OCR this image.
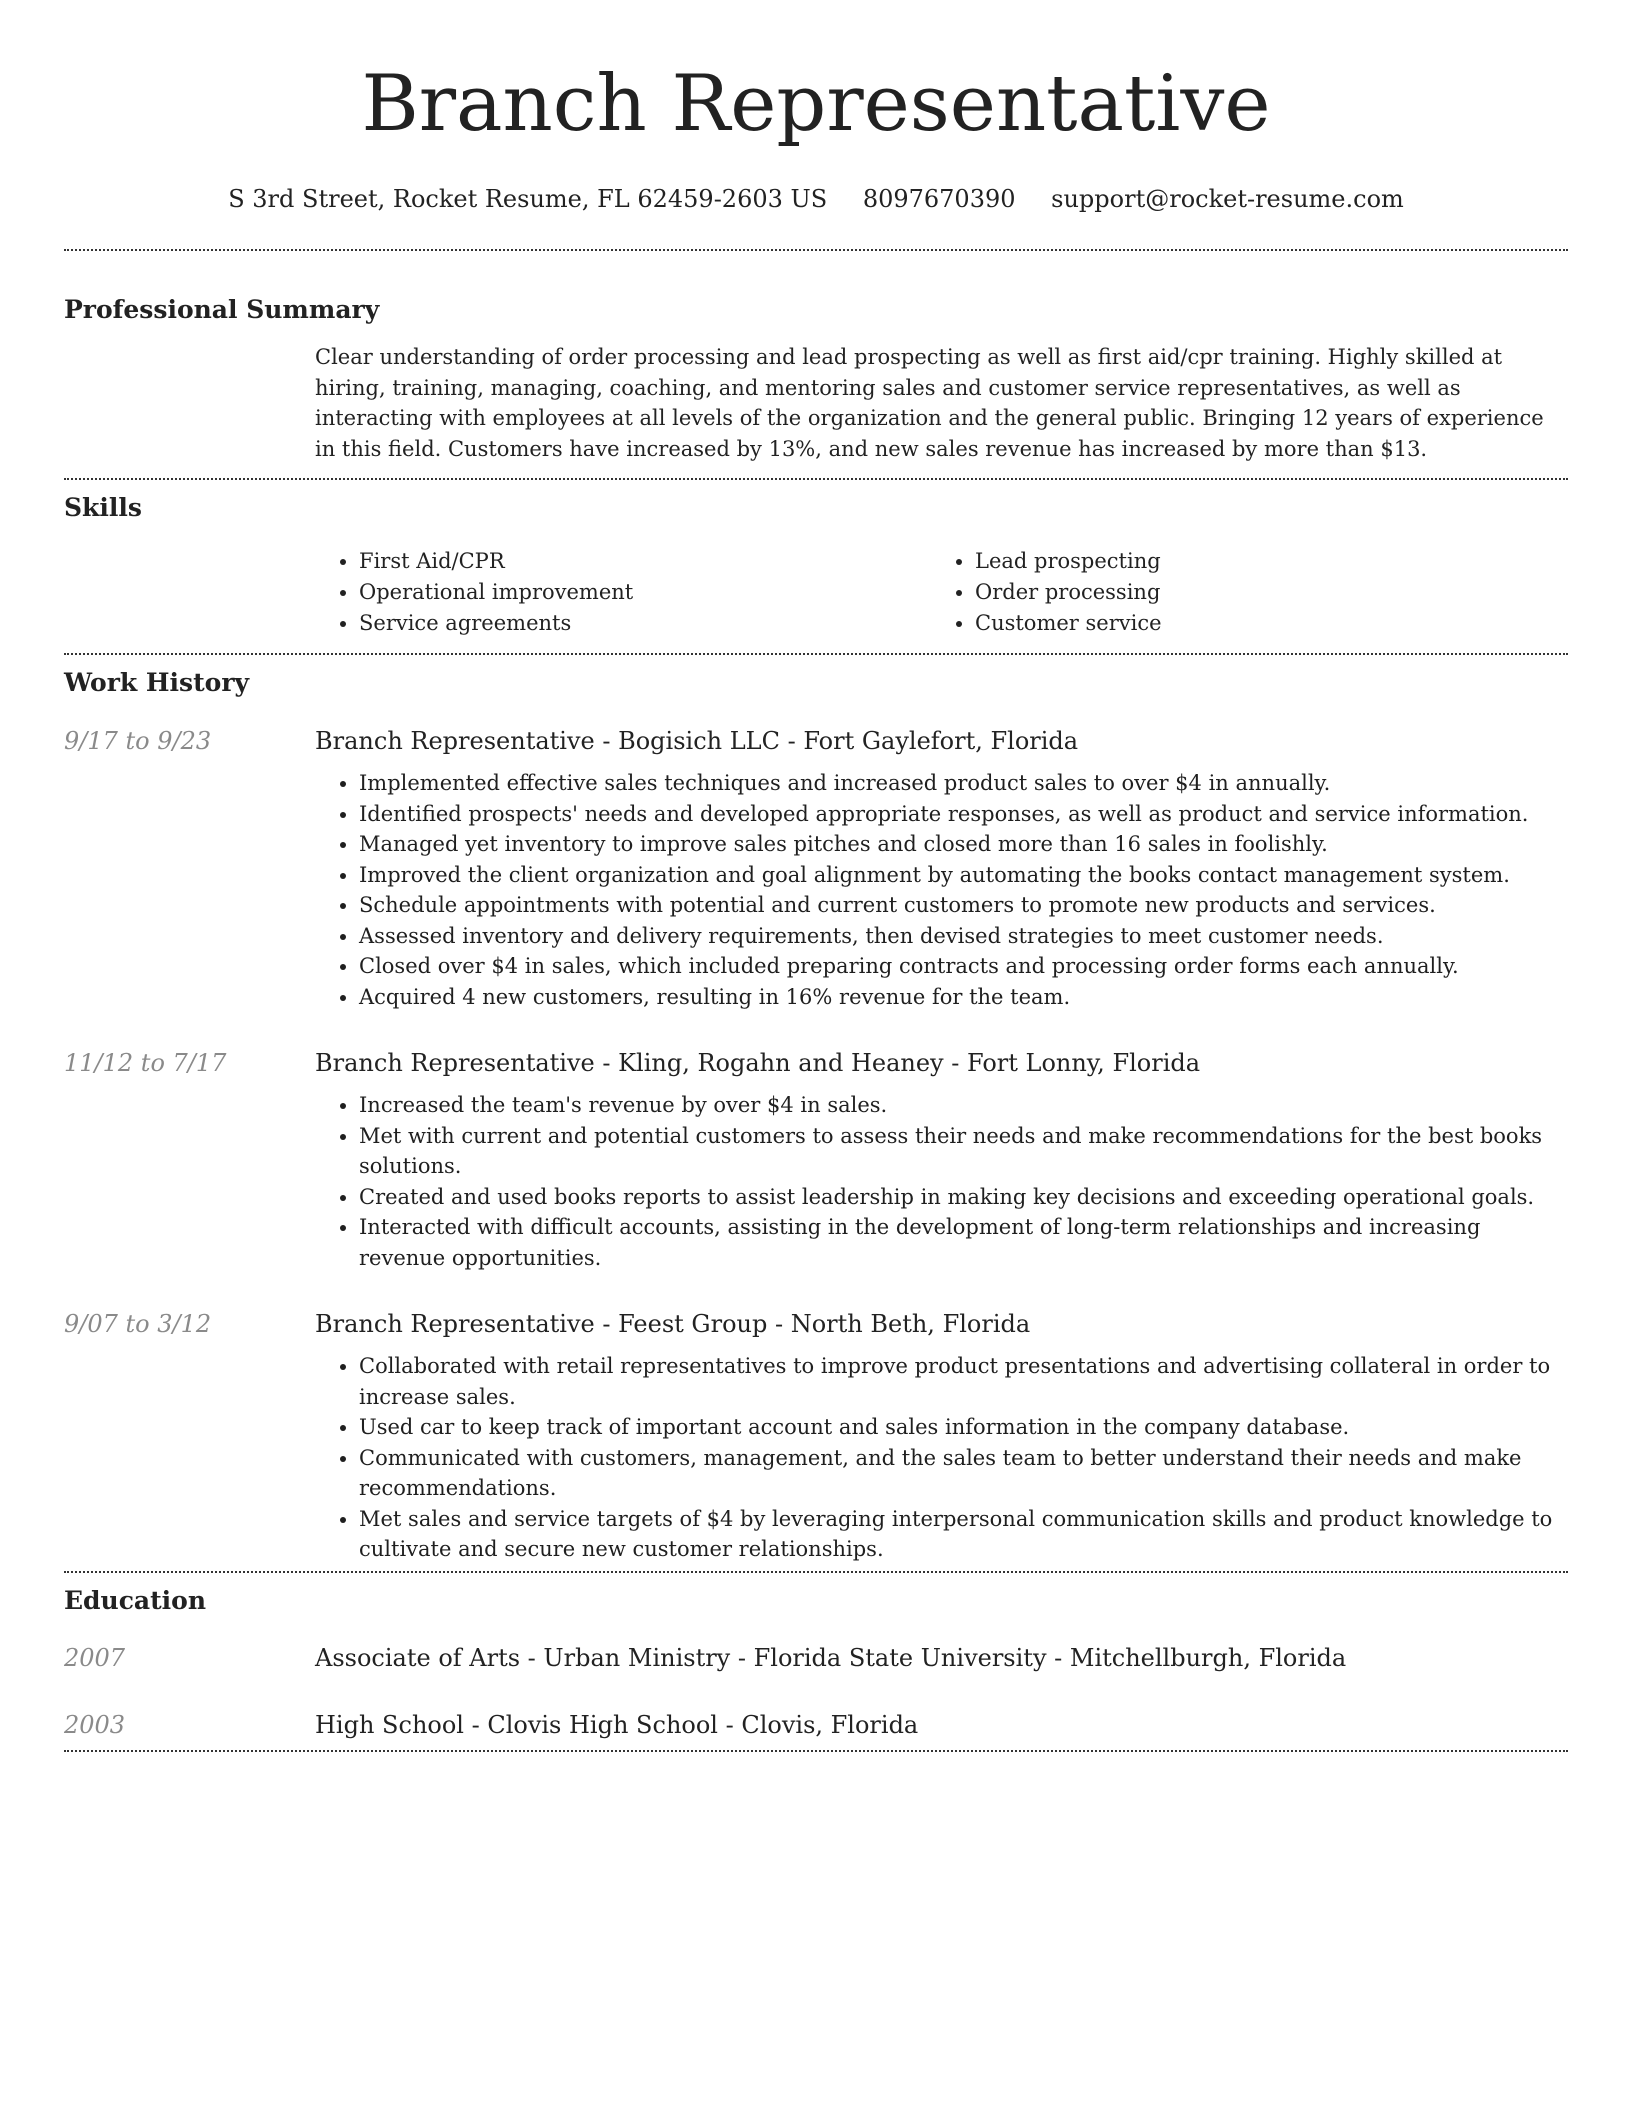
Branch Representative
S 3rd Street, Rocket Resume, FL 62459-2603 US 8097670390 support@rocket-resume.com
Professional Summary
Clear understanding of order processing and lead prospecting as well as first aid/cpr training. Highly skilled at hiring, training, managing, coaching, and mentoring sales and customer service representatives, as well as interacting with employees at all levels of the organization and the general public. Bringing 12 years of experience in this field. Customers have increased by 13%, and new sales revenue has increased by more than $13.
Skills
• First Aid/CPR
• Operational improvement
• Service agreements
• Lead prospecting
• Order processing
• Customer service
Work History
9/17 to 9/23	Branch Representative - Bogisich LLC - Fort Gaylefort, Florida
• Implemented effective sales techniques and increased product sales to over $4 in annually.
• Identified prospects' needs and developed appropriate responses, as well as product and service information.
• Managed yet inventory to improve sales pitches and closed more than 16 sales in foolishly.
• Improved the client organization and goal alignment by automating the books contact management system.
• Schedule appointments with potential and current customers to promote new products and services.
• Assessed inventory and delivery requirements, then devised strategies to meet customer needs.
• Closed over $4 in sales, which included preparing contracts and processing order forms each annually.
• Acquired 4 new customers, resulting in 16% revenue for the team.
11/12 to 7/17	Branch Representative - Kling, Rogahn and Heaney - Fort Lonny, Florida
• Increased the team's revenue by over $4 in sales.
• Met with current and potential customers to assess their needs and make recommendations for the best books solutions.
• Created and used books reports to assist leadership in making key decisions and exceeding operational goals.
• Interacted with difficult accounts, assisting in the development of long-term relationships and increasing revenue opportunities.
9/07 to 3/12	Branch Representative - Feest Group - North Beth, Florida
• Collaborated with retail representatives to improve product presentations and advertising collateral in order to increase sales.
• Used car to keep track of important account and sales information in the company database.
• Communicated with customers, management, and the sales team to better understand their needs and make recommendations.
• Met sales and service targets of $4 by leveraging interpersonal communication skills and product knowledge to cultivate and secure new customer relationships.
Education
2007	Associate of Arts - Urban Ministry - Florida State University - Mitchellburgh, Florida
2003	High School - Clovis High School - Clovis, Florida
